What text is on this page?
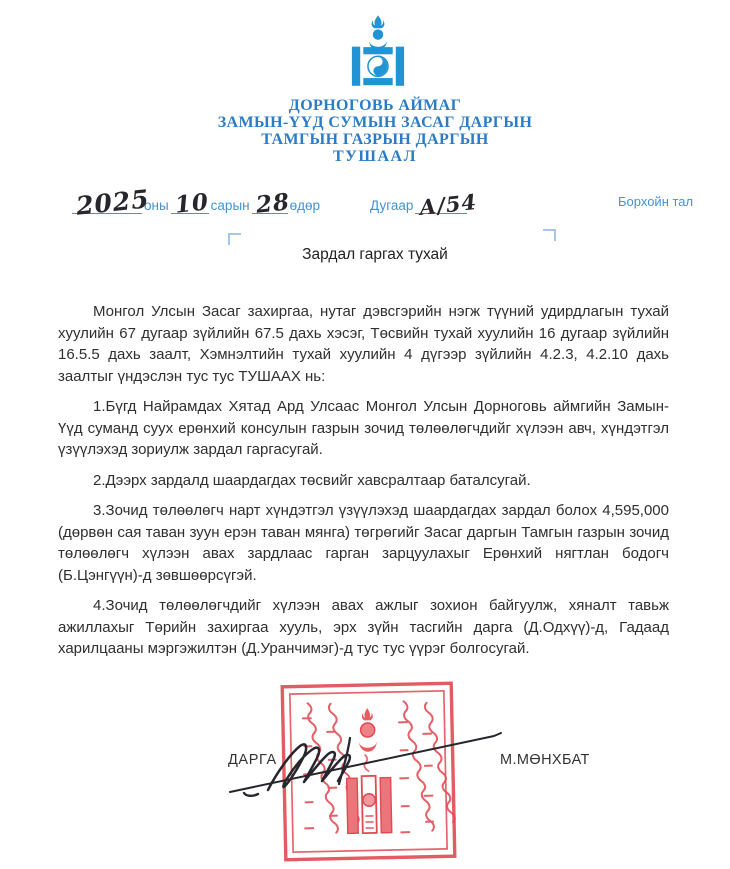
ДОРНОГОВЬ АЙМАГ
ЗАМЫН-ҮҮД СУМЫН ЗАСАГ ДАРГЫН
ТАМГЫН ГАЗРЫН ДАРГЫН
ТУШААЛ
2025
оны 10 сарын 28
өдөр	Дугаар А/54	Борхойн тал
Зардал гаргах тухай

Монгол Улсын Засаг захиргаа, нутаг дэвсгэрийн нэгж түүний удирдлагын тухай хуулийн 67 дугаар зүйлийн 67.5 дахь хэсэг, Төсвийн тухай хуулийн 16 дугаар зүйлийн 16.5.5 дахь заалт, Хэмнэлтийн тухай хуулийн 4 дүгээр зүйлийн 4.2.3, 4.2.10 дахь заалтыг үндэслэн тус тус ТУШААХ нь:

1.Бүгд Найрамдах Хятад Ард Улсаас Монгол Улсын Дорноговь аймгийн Замын-Үүд суманд суух ерөнхий консулын газрын зочид төлөөлөгчдийг хүлээн авч, хүндэтгэл үзүүлэхэд зориулж зардал гаргасугай.

2.Дээрх зардалд шаардагдах төсвийг хавсралтаар баталсугай.

3.Зочид төлөөлөгч нарт хүндэтгэл үзүүлэхэд шаардагдах зардал болох 4,595,000 (дөрвөн сая таван зуун ерэн таван мянга) төгрөгийг Засаг даргын Тамгын газрын зочид төлөөлөгч хүлээн авах зардлаас гарган зарцуулахыг Ерөнхий нягтлан бодогч (Б.Цэнгүүн)-д зөвшөөрсүгэй.

4.Зочид төлөөлөгчдийг хүлээн авах ажлыг зохион байгуулж, хяналт тавьж ажиллахыг Төрийн захиргаа хууль, эрх зүйн тасгийн дарга (Д.Одхүү)-д, Гадаад харилцааны мэргэжилтэн (Д.Уранчимэг)-д тус тус үүрэг болгосугай.

ДАРГА	М.МӨНХБАТ
